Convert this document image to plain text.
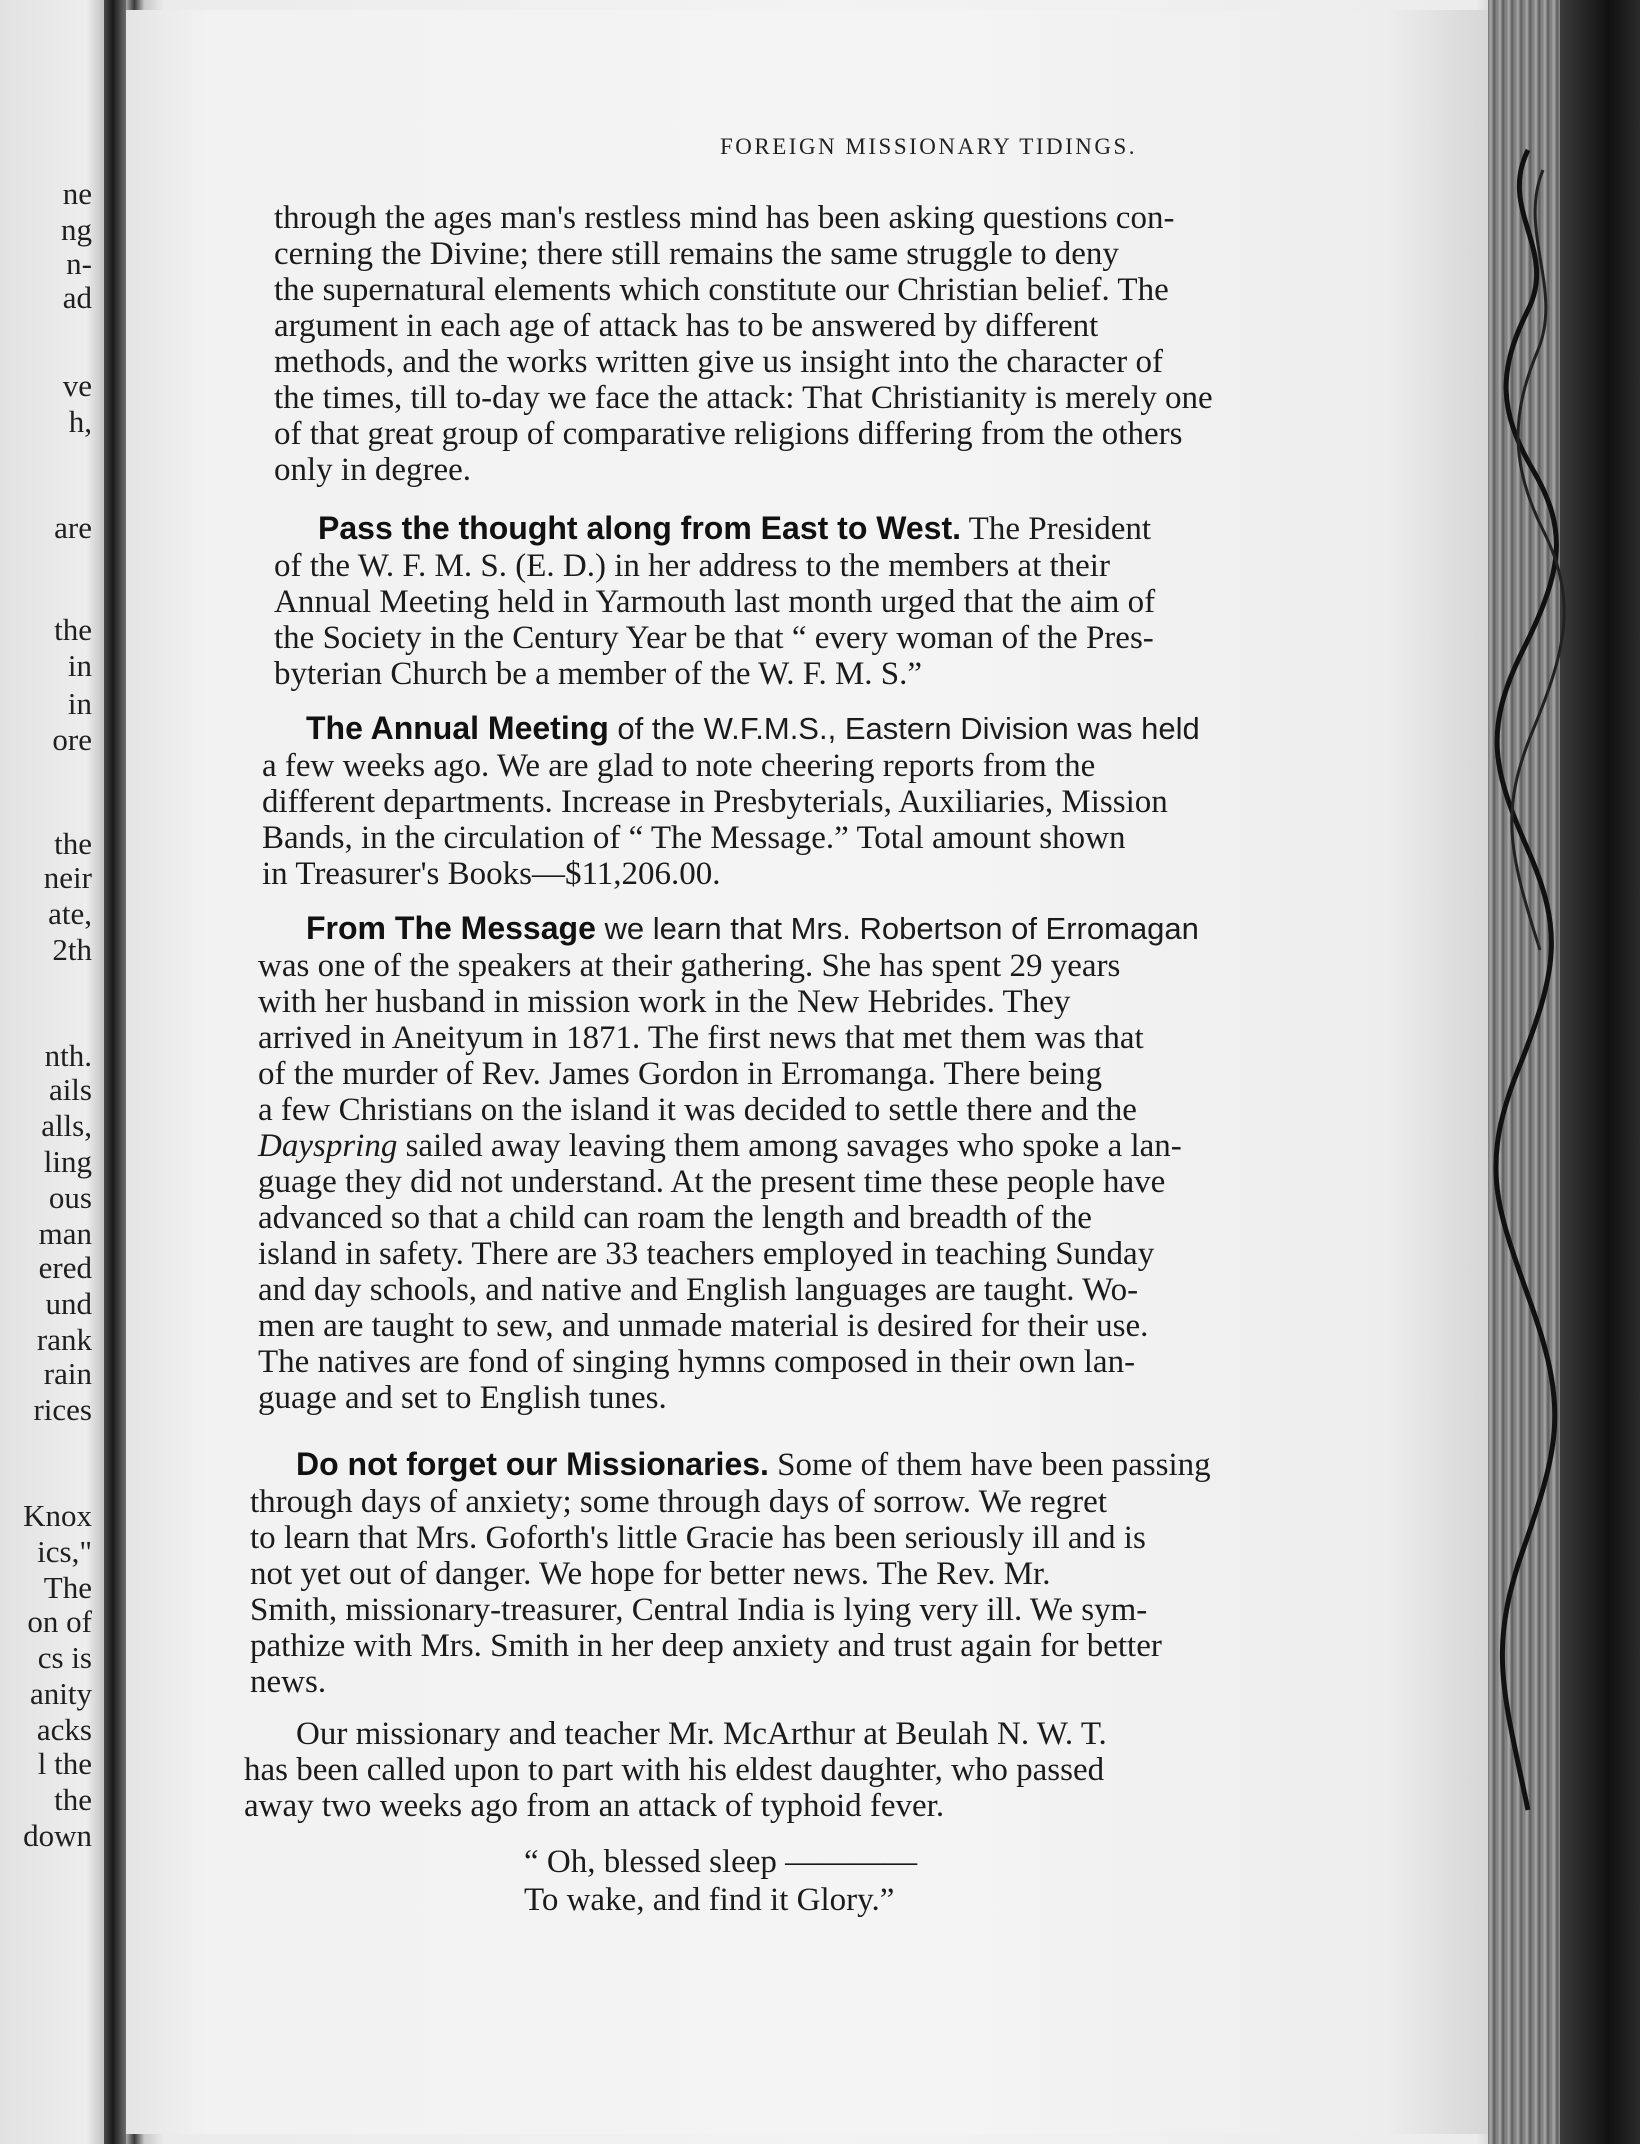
ne
ng
n-
ad
ve
h,
are
the
in
in
ore
the
neir
ate,
2th
nth.
ails
alls,
ling
ous
man
ered
und
rank
rain
rices
Knox
ics,"
The
on of
cs is
anity
acks
l the
the
down
FOREIGN MISSIONARY TIDINGS.
through the ages man's restless mind has been asking questions con-
cerning the Divine; there still remains the same struggle to deny
the supernatural elements which constitute our Christian belief. The
argument in each age of attack has to be answered by different
methods, and the works written give us insight into the character of
the times, till to-day we face the attack: That Christianity is merely one
of that great group of comparative religions differing from the others
only in degree.
Pass the thought along from East to West. The President
of the W. F. M. S. (E. D.) in her address to the members at their
Annual Meeting held in Yarmouth last month urged that the aim of
the Society in the Century Year be that “ every woman of the Pres-
byterian Church be a member of the W. F. M. S.”
The Annual Meeting of the W.F.M.S., Eastern Division was held
a few weeks ago. We are glad to note cheering reports from the
different departments. Increase in Presbyterials, Auxiliaries, Mission
Bands, in the circulation of “ The Message.” Total amount shown
in Treasurer's Books—$11,206.00.
From The Message we learn that Mrs. Robertson of Erromagan
was one of the speakers at their gathering. She has spent 29 years
with her husband in mission work in the New Hebrides. They
arrived in Aneityum in 1871. The first news that met them was that
of the murder of Rev. James Gordon in Erromanga. There being
a few Christians on the island it was decided to settle there and the
Dayspring sailed away leaving them among savages who spoke a lan-
guage they did not understand. At the present time these people have
advanced so that a child can roam the length and breadth of the
island in safety. There are 33 teachers employed in teaching Sunday
and day schools, and native and English languages are taught. Wo-
men are taught to sew, and unmade material is desired for their use.
The natives are fond of singing hymns composed in their own lan-
guage and set to English tunes.
Do not forget our Missionaries. Some of them have been passing
through days of anxiety; some through days of sorrow. We regret
to learn that Mrs. Goforth's little Gracie has been seriously ill and is
not yet out of danger. We hope for better news. The Rev. Mr.
Smith, missionary-treasurer, Central India is lying very ill. We sym-
pathize with Mrs. Smith in her deep anxiety and trust again for better
news.
Our missionary and teacher Mr. McArthur at Beulah N. W. T.
has been called upon to part with his eldest daughter, who passed
away two weeks ago from an attack of typhoid fever.
“ Oh, blessed sleep ————
To wake, and find it Glory.”
